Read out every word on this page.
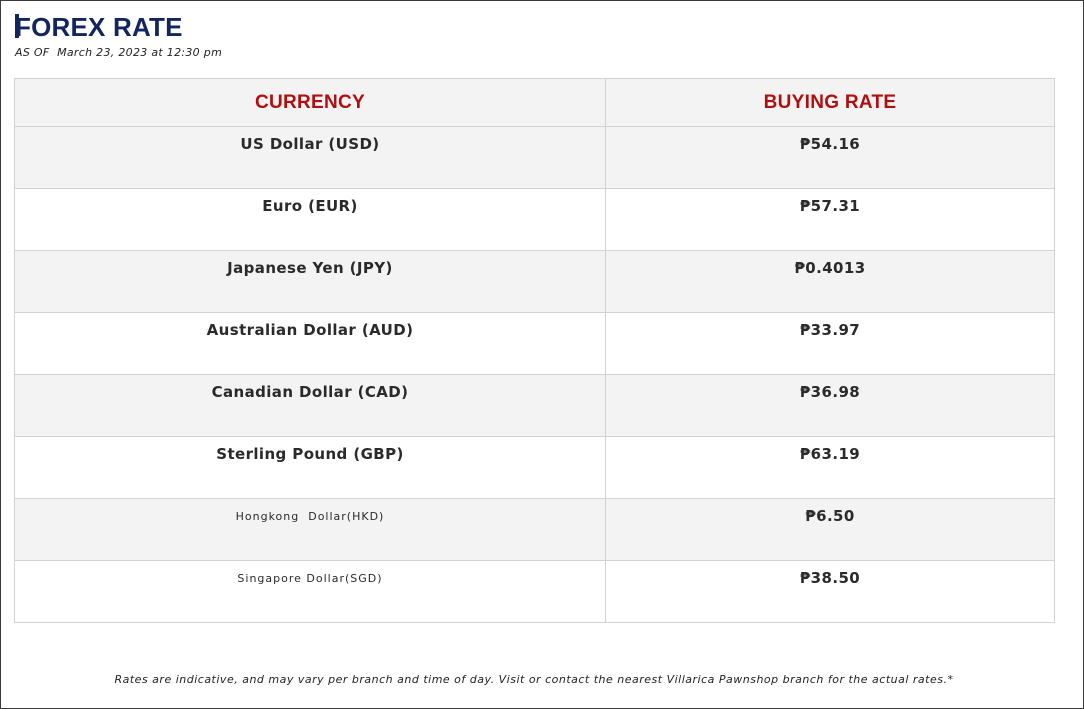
FOREX RATE
AS OF  March 23, 2023 at 12:30 pm
CURRENCY	BUYING RATE
US Dollar (USD)	₱54.16
Euro (EUR)	₱57.31
Japanese Yen (JPY)	₱0.4013
Australian Dollar (AUD)	₱33.97
Canadian Dollar (CAD)	₱36.98
Sterling Pound (GBP)	₱63.19
Hongkong  Dollar(HKD)	₱6.50
Singapore Dollar(SGD)	₱38.50
Rates are indicative, and may vary per branch and time of day. Visit or contact the nearest Villarica Pawnshop branch for the actual rates.*
